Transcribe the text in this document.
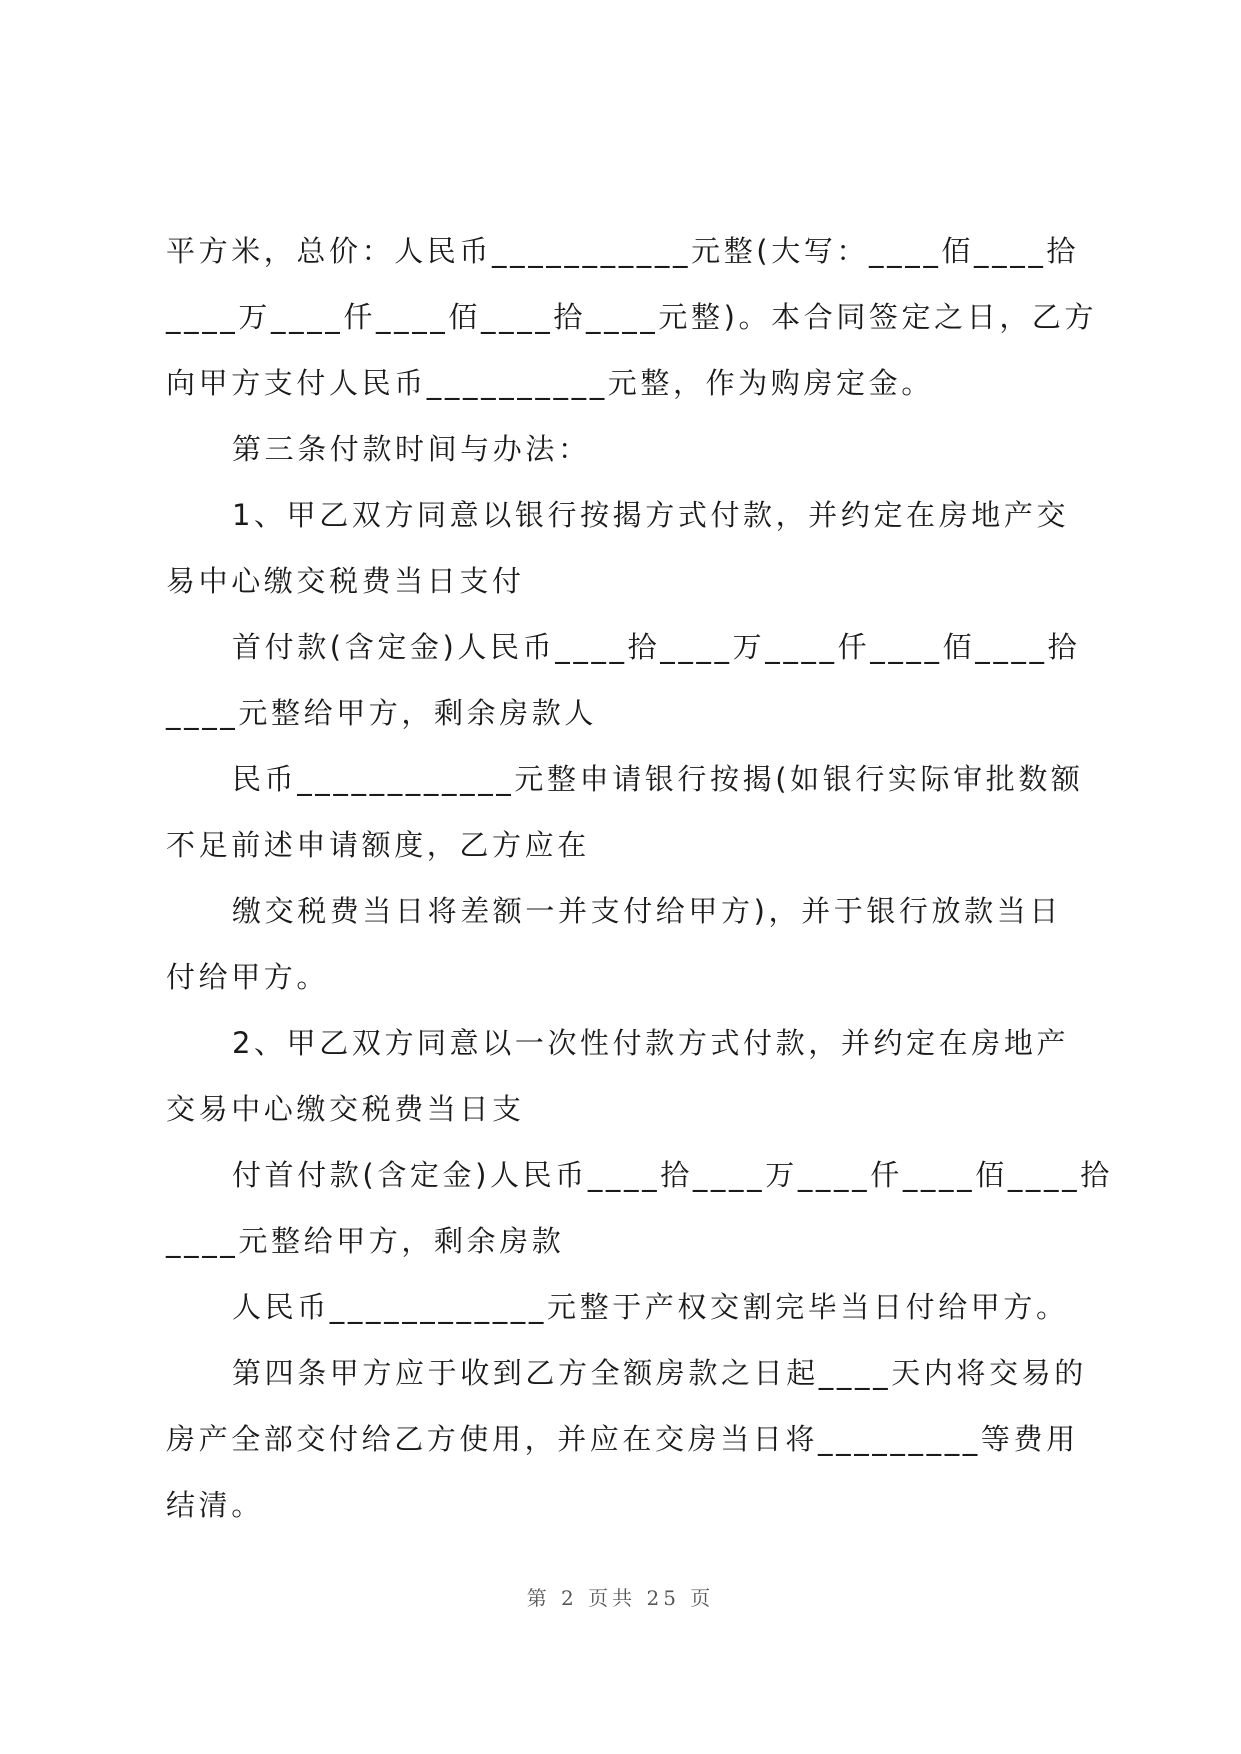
平方米，总价：人民币___________元整(大写：____佰____拾

____万____仟____佰____拾____元整)。本合同签定之日，乙方

向甲方支付人民币__________元整，作为购房定金。

第三条付款时间与办法：

1、甲乙双方同意以银行按揭方式付款，并约定在房地产交

易中心缴交税费当日支付

首付款(含定金)人民币____拾____万____仟____佰____拾

____元整给甲方，剩余房款人

民币____________元整申请银行按揭(如银行实际审批数额

不足前述申请额度，乙方应在

缴交税费当日将差额一并支付给甲方)，并于银行放款当日

付给甲方。

2、甲乙双方同意以一次性付款方式付款，并约定在房地产

交易中心缴交税费当日支

付首付款(含定金)人民币____拾____万____仟____佰____拾

____元整给甲方，剩余房款

人民币____________元整于产权交割完毕当日付给甲方。

第四条甲方应于收到乙方全额房款之日起____天内将交易的

房产全部交付给乙方使用，并应在交房当日将_________等费用

结清。

第 2 页共 25 页
